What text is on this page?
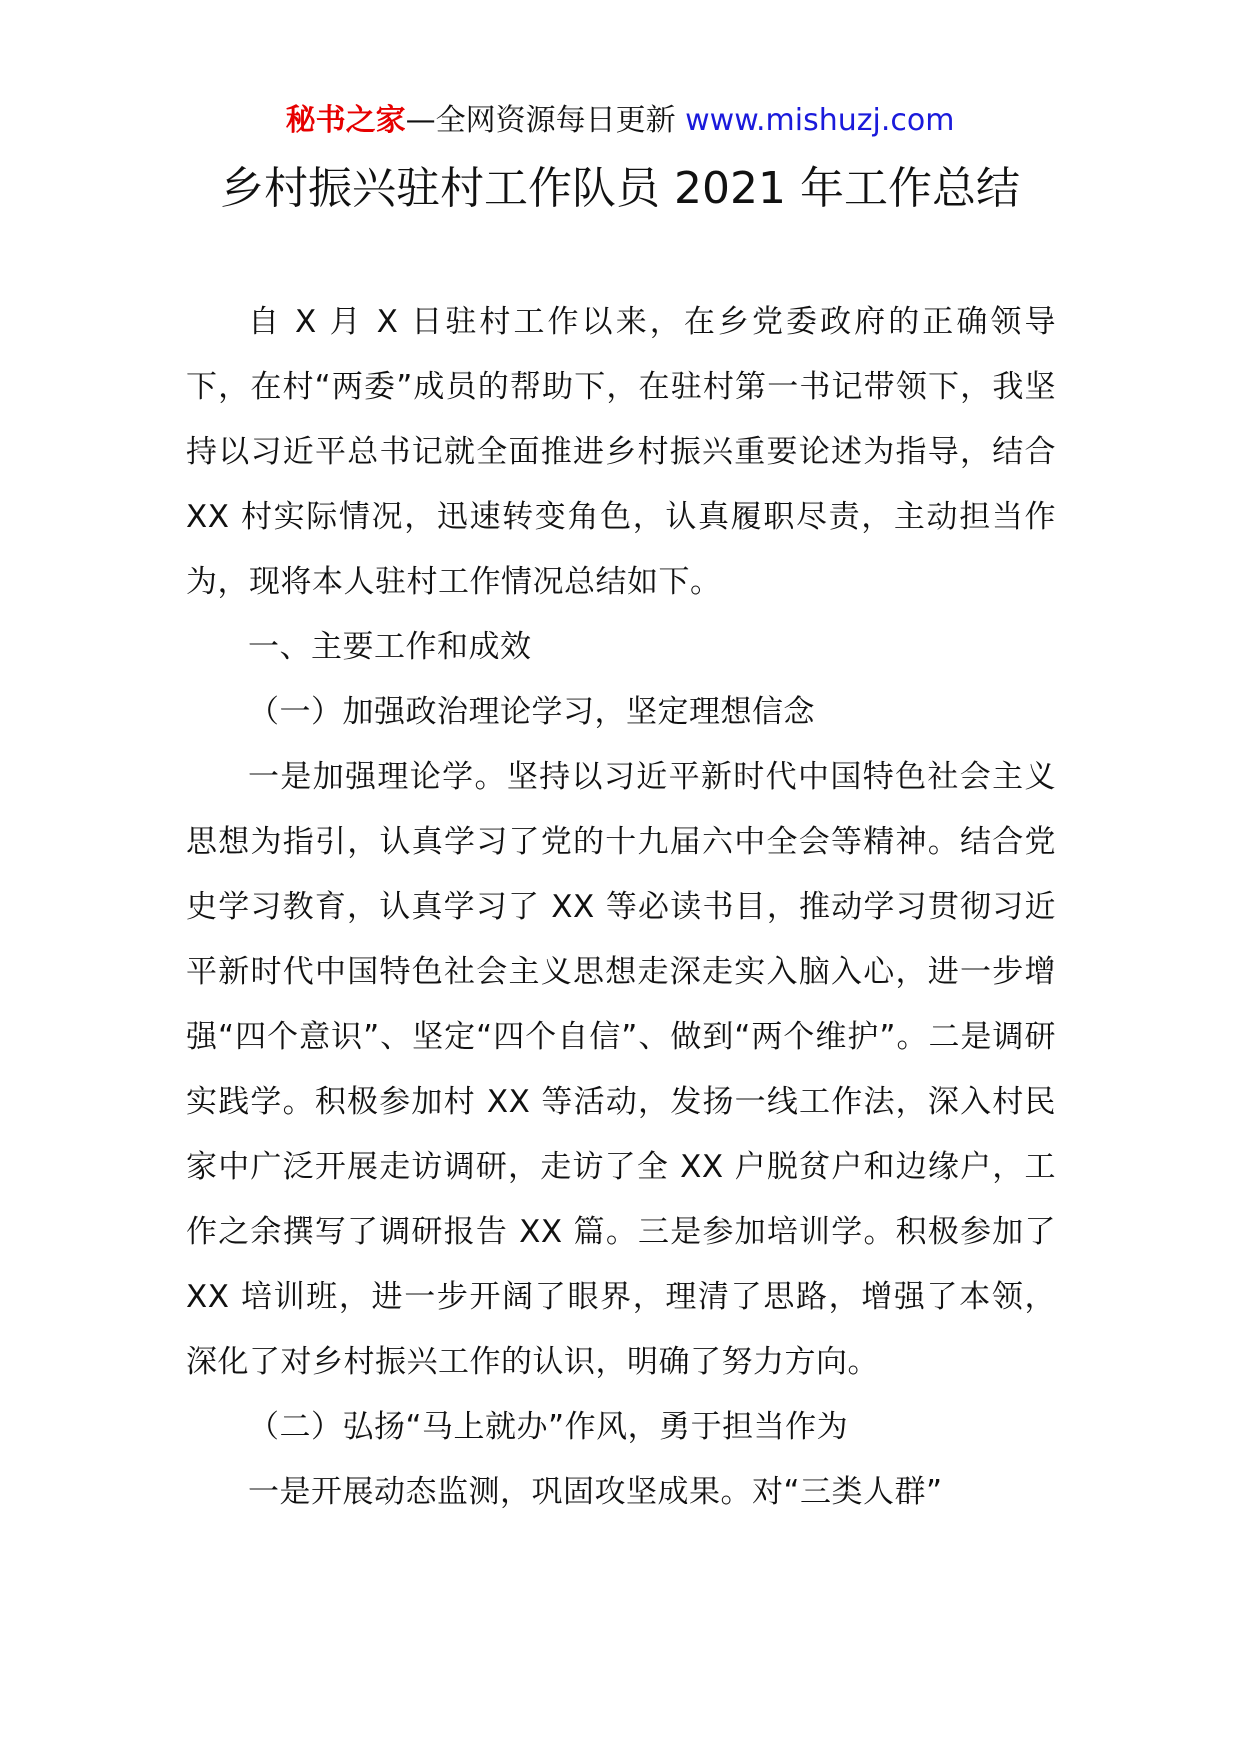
秘书之家—全网资源每日更新 www.mishuzj.com
乡村振兴驻村工作队员 2021 年工作总结

自 X 月 X 日驻村工作以来，在乡党委政府的正确领导下，在村“两委”成员的帮助下，在驻村第一书记带领下，我坚持以习近平总书记就全面推进乡村振兴重要论述为指导，结合 XX 村实际情况，迅速转变角色，认真履职尽责，主动担当作为，现将本人驻村工作情况总结如下。

一、主要工作和成效

（一）加强政治理论学习，坚定理想信念

一是加强理论学。坚持以习近平新时代中国特色社会主义思想为指引，认真学习了党的十九届六中全会等精神。结合党史学习教育，认真学习了 XX 等必读书目，推动学习贯彻习近平新时代中国特色社会主义思想走深走实入脑入心，进一步增强“四个意识”、坚定“四个自信”、做到“两个维护”。二是调研实践学。积极参加村 XX 等活动，发扬一线工作法，深入村民家中广泛开展走访调研，走访了全 XX 户脱贫户和边缘户，工作之余撰写了调研报告 XX 篇。三是参加培训学。积极参加了 XX 培训班，进一步开阔了眼界，理清了思路，增强了本领，深化了对乡村振兴工作的认识，明确了努力方向。

（二）弘扬“马上就办”作风，勇于担当作为

一是开展动态监测，巩固攻坚成果。对“三类人群”
